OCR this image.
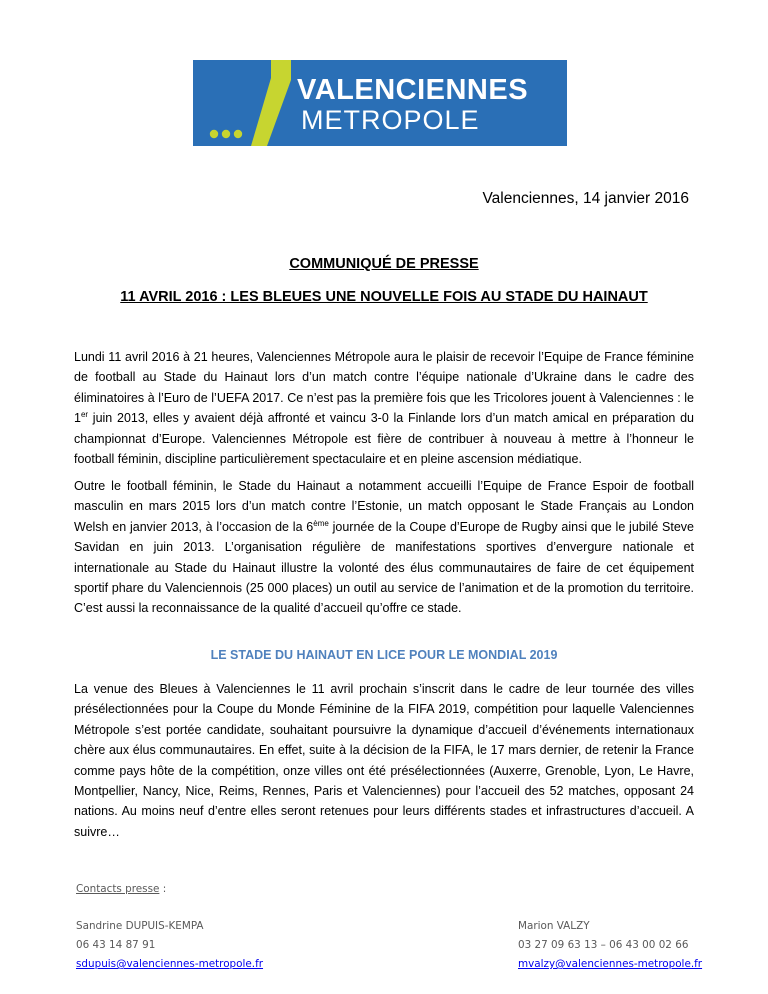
VALENCIENNES
METROPOLE
Valenciennes, 14 janvier 2016
COMMUNIQUÉ DE PRESSE
11 AVRIL 2016 : LES BLEUES UNE NOUVELLE FOIS AU STADE DU HAINAUT

Lundi 11 avril 2016 à 21 heures, Valenciennes Métropole aura le plaisir de recevoir l’Equipe de France féminine de football au Stade du Hainaut lors d’un match contre l’équipe nationale d’Ukraine dans le cadre des éliminatoires à l’Euro de l’UEFA 2017. Ce n’est pas la première fois que les Tricolores jouent à Valenciennes : le 1er juin 2013, elles y avaient déjà affronté et vaincu 3-0 la Finlande lors d’un match amical en préparation du championnat d’Europe. Valenciennes Métropole est fière de contribuer à nouveau à mettre à l’honneur le football féminin, discipline particulièrement spectaculaire et en pleine ascension médiatique.

Outre le football féminin, le Stade du Hainaut a notamment accueilli l’Equipe de France Espoir de football masculin en mars 2015 lors d’un match contre l’Estonie, un match opposant le Stade Français au London Welsh en janvier 2013, à l’occasion de la 6ème journée de la Coupe d’Europe de Rugby ainsi que le jubilé Steve Savidan en juin 2013. L’organisation régulière de manifestations sportives d’envergure nationale et internationale au Stade du Hainaut illustre la volonté des élus communautaires de faire de cet équipement sportif phare du Valenciennois (25 000 places) un outil au service de l’animation et de la promotion du territoire. C’est aussi la reconnaissance de la qualité d’accueil qu’offre ce stade.

LE STADE DU HAINAUT EN LICE POUR LE MONDIAL 2019

La venue des Bleues à Valenciennes le 11 avril prochain s’inscrit dans le cadre de leur tournée des villes présélectionnées pour la Coupe du Monde Féminine de la FIFA 2019, compétition pour laquelle Valenciennes Métropole s’est portée candidate, souhaitant poursuivre la dynamique d’accueil d’événements internationaux chère aux élus communautaires. En effet, suite à la décision de la FIFA, le 17 mars dernier, de retenir la France comme pays hôte de la compétition, onze villes ont été présélectionnées (Auxerre, Grenoble, Lyon, Le Havre, Montpellier, Nancy, Nice, Reims, Rennes, Paris et Valenciennes) pour l’accueil des 52 matches, opposant 24 nations. Au moins neuf d’entre elles seront retenues pour leurs différents stades et infrastructures d’accueil. A suivre…

Contacts presse :
Sandrine DUPUIS-KEMPA
06 43 14 87 91
sdupuis@valenciennes-metropole.fr
Marion VALZY
03 27 09 63 13 – 06 43 00 02 66
mvalzy@valenciennes-metropole.fr
